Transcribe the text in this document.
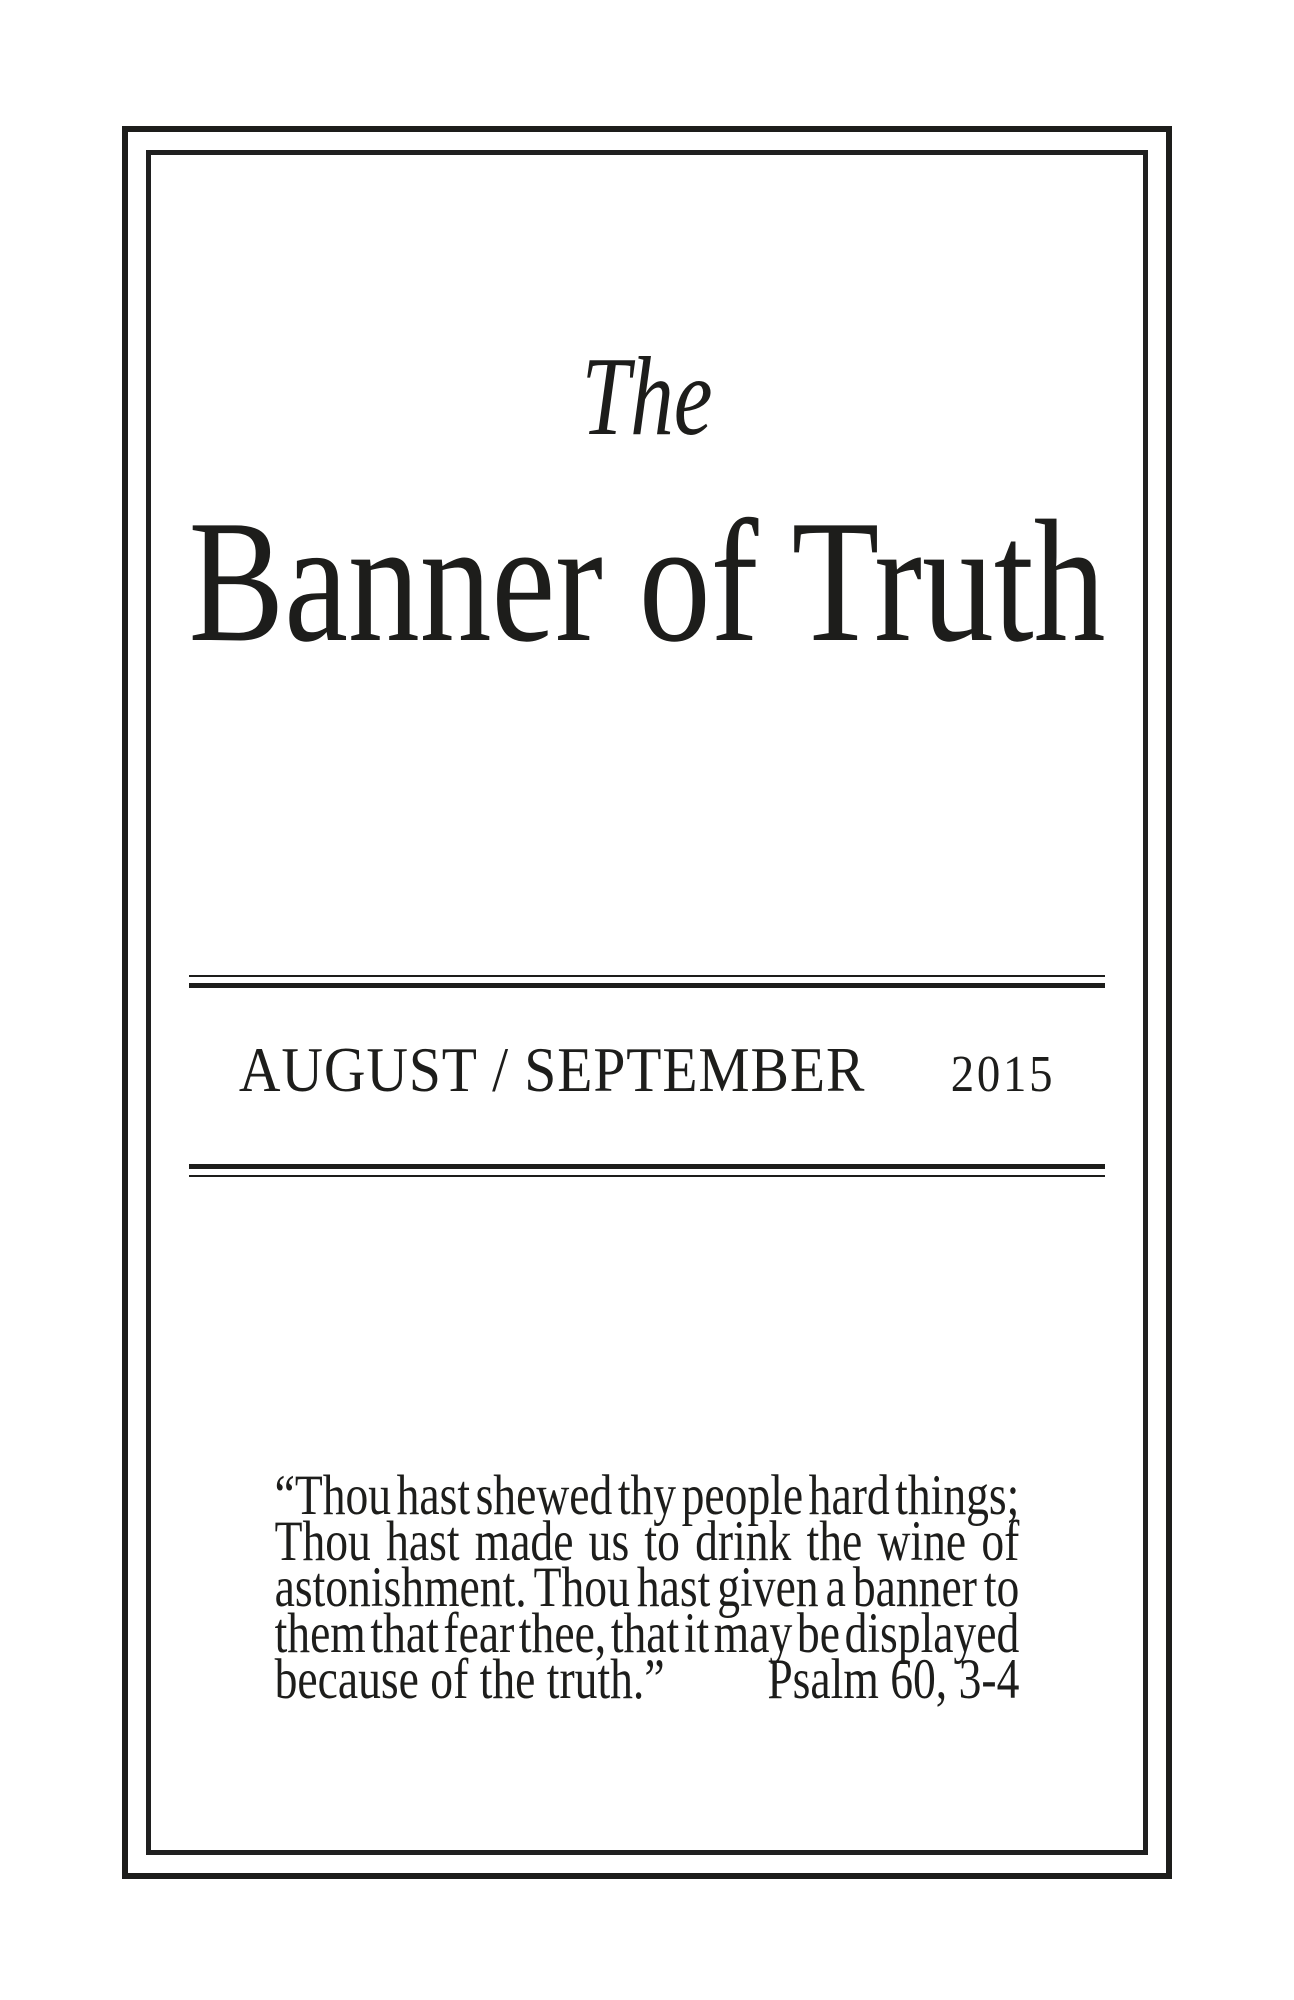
The
Banner of Truth
AUGUST / SEPTEMBER 2015
“Thou hast shewed thy people hard things;
Thou hast made us to drink the wine of
astonishment. Thou hast given a banner to
them that fear thee, that it may be displayed
because of the truth.” Psalm 60, 3-4
